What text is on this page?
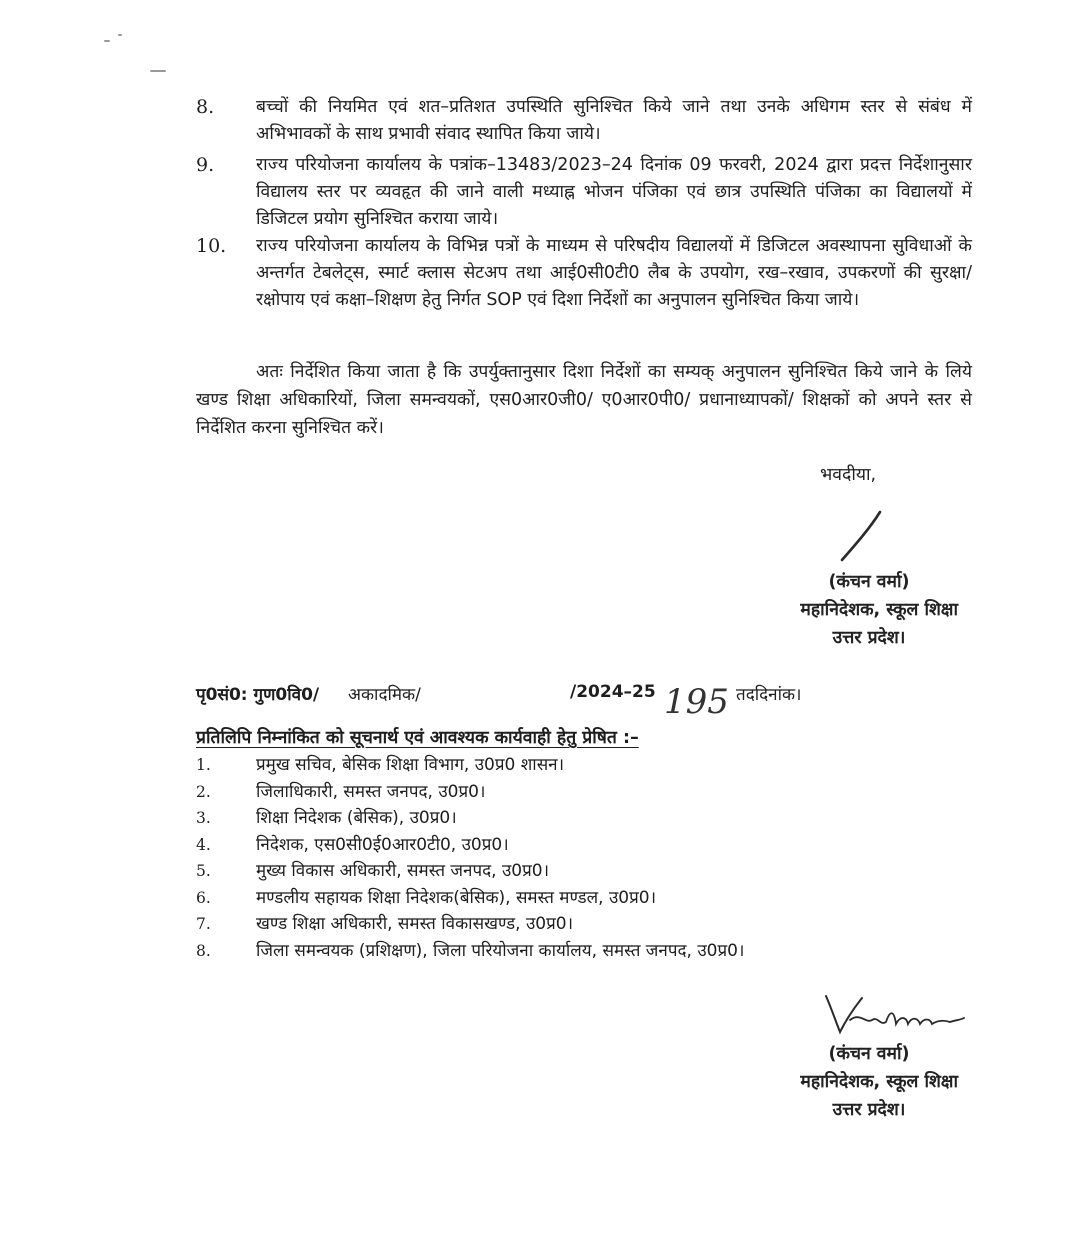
8. बच्चों की नियमित एवं शत–प्रतिशत उपस्थिति सुनिश्चित किये जाने तथा उनके अधिगम स्तर से संबंध में अभिभावकों के साथ प्रभावी संवाद स्थापित किया जाये।
9. राज्य परियोजना कार्यालय के पत्रांक–13483/2023–24 दिनांक 09 फरवरी, 2024 द्वारा प्रदत्त निर्देशानुसार विद्यालय स्तर पर व्यवहृत की जाने वाली मध्याह्न भोजन पंजिका एवं छात्र उपस्थिति पंजिका का विद्यालयों में डिजिटल प्रयोग सुनिश्चित कराया जाये।
10. राज्य परियोजना कार्यालय के विभिन्न पत्रों के माध्यम से परिषदीय विद्यालयों में डिजिटल अवस्थापना सुविधाओं के अन्तर्गत टेबलेट्स, स्मार्ट क्लास सेटअप तथा आई0सी0टी0 लैब के उपयोग, रख–रखाव, उपकरणों की सुरक्षा/रक्षोपाय एवं कक्षा–शिक्षण हेतु निर्गत SOP एवं दिशा निर्देशों का अनुपालन सुनिश्चित किया जाये।
अतः निर्देशित किया जाता है कि उपर्युक्तानुसार दिशा निर्देशों का सम्यक् अनुपालन सुनिश्चित किये जाने के लिये खण्ड शिक्षा अधिकारियों, जिला समन्वयकों, एस0आर0जी0/ ए0आर0पी0/ प्रधानाध्यापकों/ शिक्षकों को अपने स्तर से निर्देशित करना सुनिश्चित करें।
भवदीया,
(कंचन वर्मा)
महानिदेशक, स्कूल शिक्षा
उत्तर प्रदेश।
पृ0सं0: गुण0वि0/ अकादमिक/	195
/2024–25	तददिनांक।
प्रतिलिपि निम्नांकित को सूचनार्थ एवं आवश्यक कार्यवाही हेतु प्रेषित :–
1.	प्रमुख सचिव, बेसिक शिक्षा विभाग, उ0प्र0 शासन।
2.	जिलाधिकारी, समस्त जनपद, उ0प्र0।
3.	शिक्षा निदेशक (बेसिक), उ0प्र0।
4.	निदेशक, एस0सी0ई0आर0टी0, उ0प्र0।
5.	मुख्य विकास अधिकारी, समस्त जनपद, उ0प्र0।
6.	मण्डलीय सहायक शिक्षा निदेशक(बेसिक), समस्त मण्डल, उ0प्र0।
7.	खण्ड शिक्षा अधिकारी, समस्त विकासखण्ड, उ0प्र0।
8.	जिला समन्वयक (प्रशिक्षण), जिला परियोजना कार्यालय, समस्त जनपद, उ0प्र0।
(कंचन वर्मा)
महानिदेशक, स्कूल शिक्षा
उत्तर प्रदेश।
